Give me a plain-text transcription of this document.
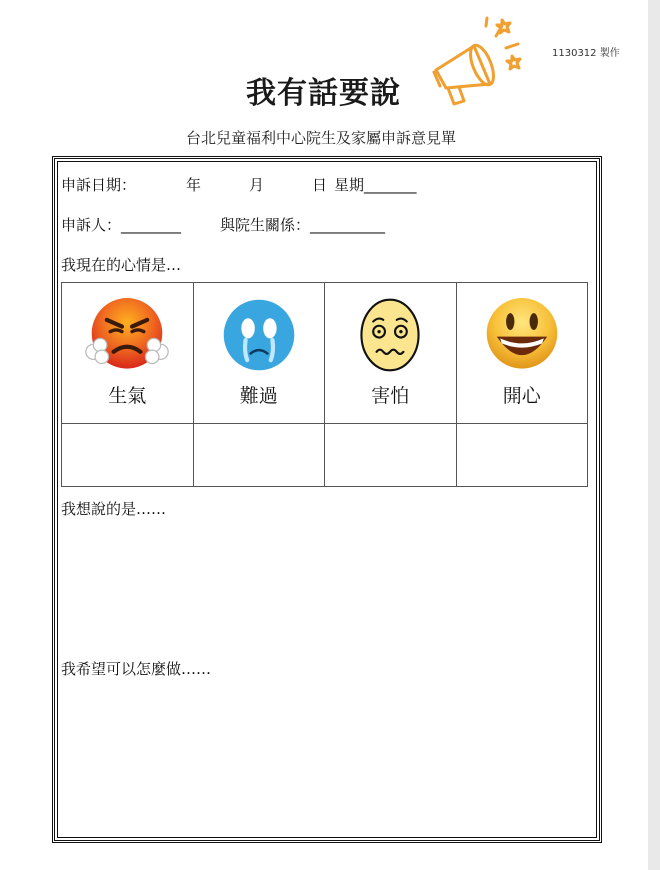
1130312 製作
我有話要說
台北兒童福利中心院生及家屬申訴意見單
申訴日期：	年	月	日 星期_______
申訴人：________	與院生關係：__________
我現在的心情是…
生氣	難過	害怕	開心

我想說的是……
我希望可以怎麼做……
